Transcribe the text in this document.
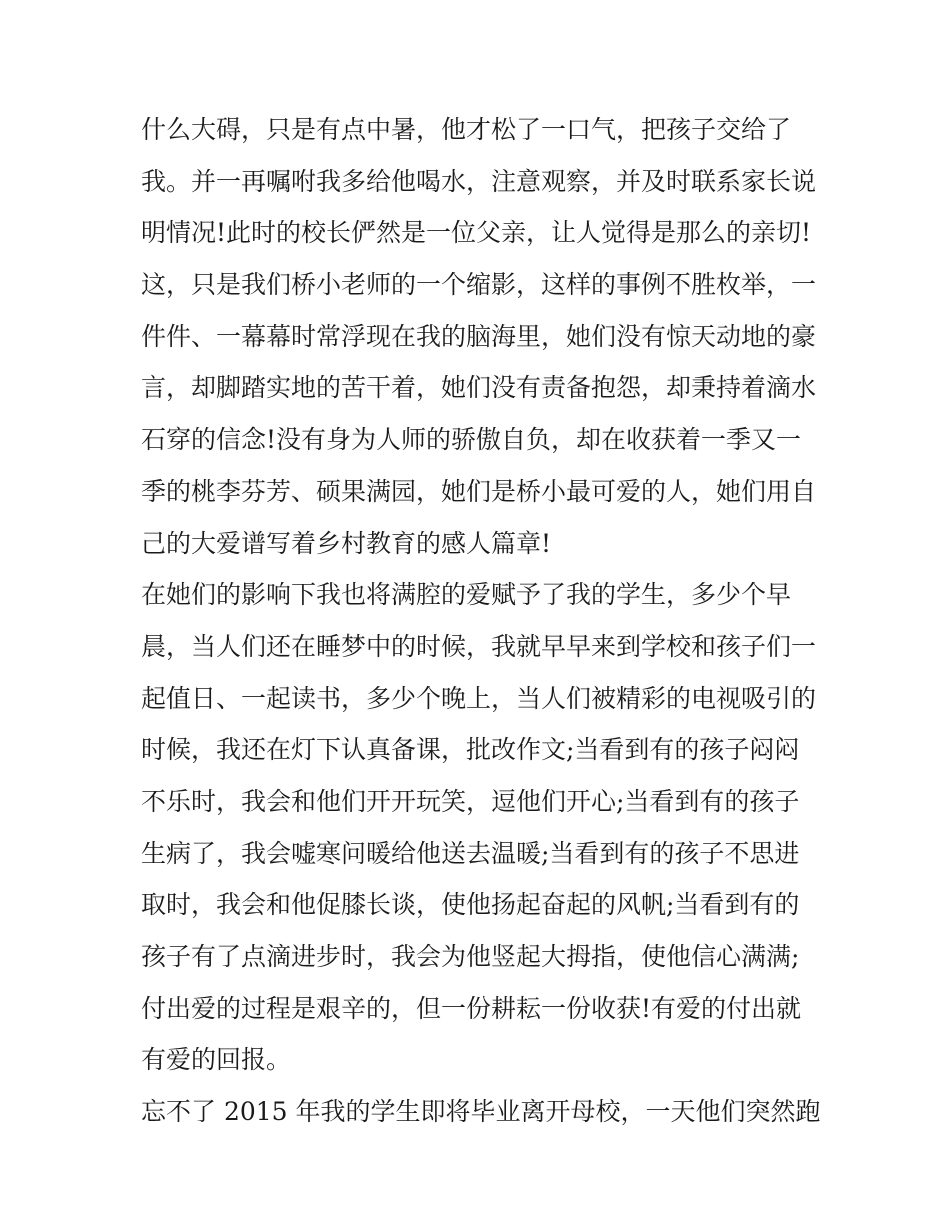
什么大碍，只是有点中暑，他才松了一口气，把孩子交给了
我。并一再嘱咐我多给他喝水，注意观察，并及时联系家长说
明情况!此时的校长俨然是一位父亲，让人觉得是那么的亲切!
这，只是我们桥小老师的一个缩影，这样的事例不胜枚举，一
件件、一幕幕时常浮现在我的脑海里，她们没有惊天动地的豪
言，却脚踏实地的苦干着，她们没有责备抱怨，却秉持着滴水
石穿的信念!没有身为人师的骄傲自负，却在收获着一季又一
季的桃李芬芳、硕果满园，她们是桥小最可爱的人，她们用自
己的大爱谱写着乡村教育的感人篇章!
在她们的影响下我也将满腔的爱赋予了我的学生，多少个早
晨，当人们还在睡梦中的时候，我就早早来到学校和孩子们一
起值日、一起读书，多少个晚上，当人们被精彩的电视吸引的
时候，我还在灯下认真备课，批改作文;当看到有的孩子闷闷
不乐时，我会和他们开开玩笑，逗他们开心;当看到有的孩子
生病了，我会嘘寒问暖给他送去温暖;当看到有的孩子不思进
取时，我会和他促膝长谈，使他扬起奋起的风帆;当看到有的
孩子有了点滴进步时，我会为他竖起大拇指，使他信心满满;
付出爱的过程是艰辛的，但一份耕耘一份收获!有爱的付出就
有爱的回报。
忘不了 2015 年我的学生即将毕业离开母校，一天他们突然跑
